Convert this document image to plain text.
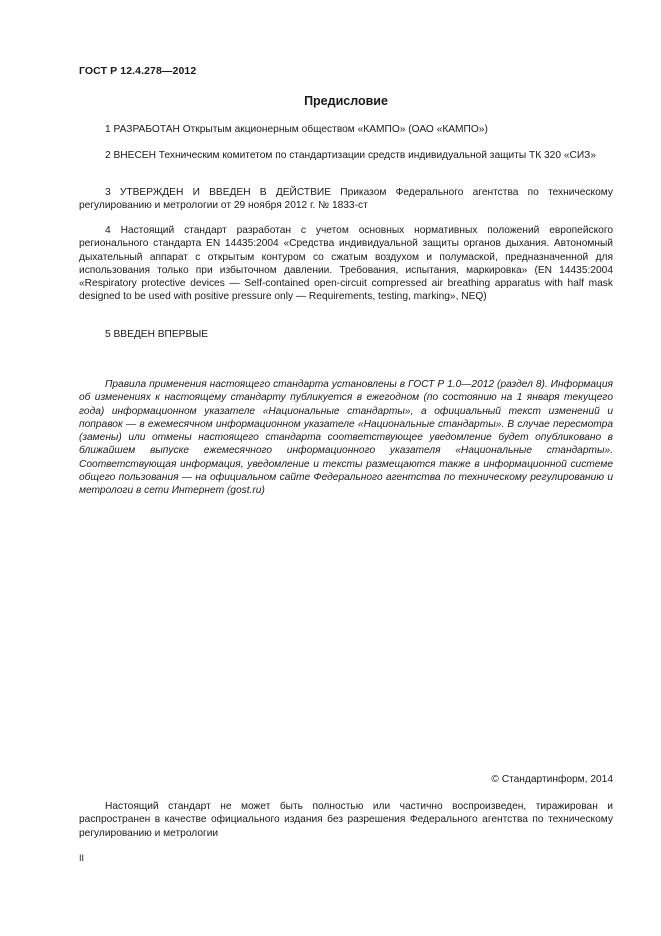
ГОСТ Р 12.4.278—2012
Предисловие

1 РАЗРАБОТАН Открытым акционерным обществом «КАМПО» (ОАО «КАМПО»)

2 ВНЕСЕН Техническим комитетом по стандартизации средств индивидуальной защиты ТК 320 «СИЗ»

3 УТВЕРЖДЕН И ВВЕДЕН В ДЕЙСТВИЕ Приказом Федерального агентства по техническому регулированию и метрологии от 29 ноября 2012 г. № 1833-ст

4 Настоящий стандарт разработан с учетом основных нормативных положений европейского регионального стандарта EN 14435:2004 «Средства индивидуальной защиты органов дыхания. Автономный дыхательный аппарат с открытым контуром со сжатым воздухом и полумаской, предназначенной для использования только при избыточном давлении. Требования, испытания, маркировка» (EN 14435:2004 «Respiratory protective devices — Self-contained open-circuit compressed air breathing apparatus with half mask designed to be used with positive pressure only — Requirements, testing, marking», NEQ)

5 ВВЕДЕН ВПЕРВЫЕ

Правила применения настоящего стандарта установлены в ГОСТ Р 1.0—2012 (раздел 8). Информация об изменениях к настоящему стандарту публикуется в ежегодном (по состоянию на 1 января текущего года) информационном указателе «Национальные стандарты», а официальный текст изменений и поправок — в ежемесячном информационном указателе «Национальные стандарты». В случае пересмотра (замены) или отмены настоящего стандарта соответствующее уведомление будет опубликовано в ближайшем выпуске ежемесячного информационного указателя «Национальные стандарты». Соответствующая информация, уведомление и тексты размещаются также в информационной системе общего пользования — на официальном сайте Федерального агентства по техническому регулированию и метрологи в сети Интернет (gost.ru)

© Стандартинформ, 2014

Настоящий стандарт не может быть полностью или частично воспроизведен, тиражирован и распространен в качестве официального издания без разрешения Федерального агентства по техническому регулированию и метрологии

II
